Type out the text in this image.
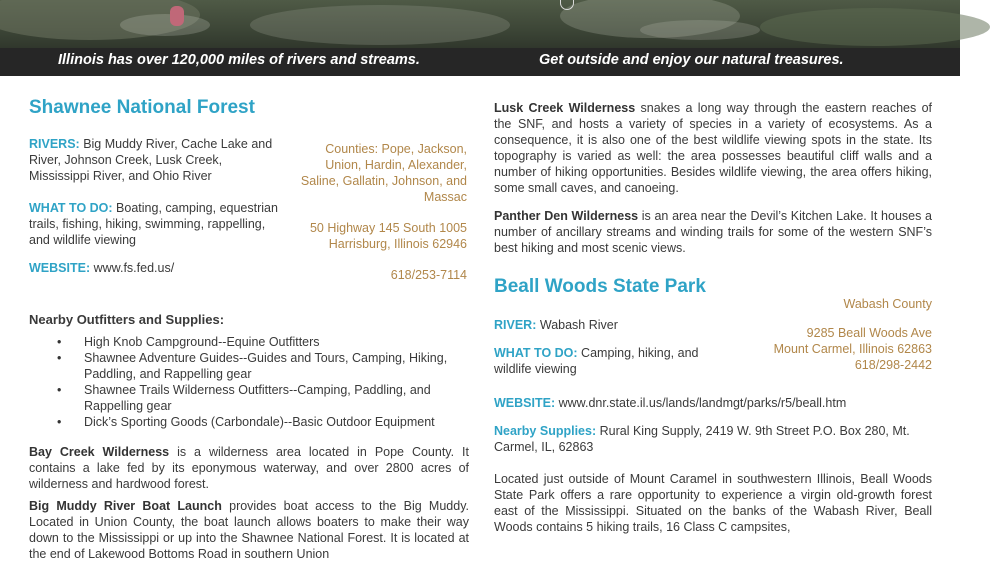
Illinois has over 120,000 miles of rivers and streams.	Get outside and enjoy our natural treasures.
Shawnee National Forest

RIVERS: Big Muddy River, Cache Lake and River, Johnson Creek, Lusk Creek, Mississippi River, and Ohio River

WHAT TO DO: Boating, camping, equestrian trails, fishing, hiking, swimming, rappelling, and wildlife viewing

WEBSITE: www.fs.fed.us/

Counties: Pope, Jackson, Union, Hardin, Alexander, Saline, Gallatin, Johnson, and Massac

50 Highway 145 South 1005

Harrisburg, Illinois 62946

618/253-7114

Nearby Outfitters and Supplies:

• High Knob Campground--Equine Outfitters
• Shawnee Adventure Guides--Guides and Tours, Camping, Hiking, Paddling, and Rappelling gear
• Shawnee Trails Wilderness Outfitters--Camping, Paddling, and Rappelling gear
• Dick’s Sporting Goods (Carbondale)--Basic Outdoor Equipment

Bay Creek Wilderness is a wilderness area located in Pope County. It contains a lake fed by its eponymous waterway, and over 2800 acres of wilderness and hardwood forest.

Big Muddy River Boat Launch provides boat access to the Big Muddy. Located in Union County, the boat launch allows boaters to make their way down to the Mississippi or up into the Shawnee National Forest. It is located at the end of Lakewood Bottoms Road in southern Union

Lusk Creek Wilderness snakes a long way through the eastern reaches of the SNF, and hosts a variety of species in a variety of ecosystems. As a consequence, it is also one of the best wildlife viewing spots in the state. Its topography is varied as well: the area possesses beautiful cliff walls and a number of hiking opportunities. Besides wildlife viewing, the area offers hiking, some small caves, and canoeing.

Panther Den Wilderness is an area near the Devil’s Kitchen Lake. It houses a number of ancillary streams and winding trails for some of the western SNF’s best hiking and most scenic views.

Beall Woods State Park

Wabash County

RIVER: Wabash River

WHAT TO DO: Camping, hiking, and wildlife viewing

9285 Beall Woods Ave

Mount Carmel, Illinois 62863

618/298-2442

WEBSITE: www.dnr.state.il.us/lands/landmgt/parks/r5/beall.htm

Nearby Supplies: Rural King Supply, 2419 W. 9th Street P.O. Box 280, Mt. Carmel, IL, 62863

Located just outside of Mount Caramel in southwestern Illinois, Beall Woods State Park offers a rare opportunity to experience a virgin old-growth forest east of the Mississippi. Situated on the banks of the Wabash River, Beall Woods contains 5 hiking trails, 16 Class C campsites,
